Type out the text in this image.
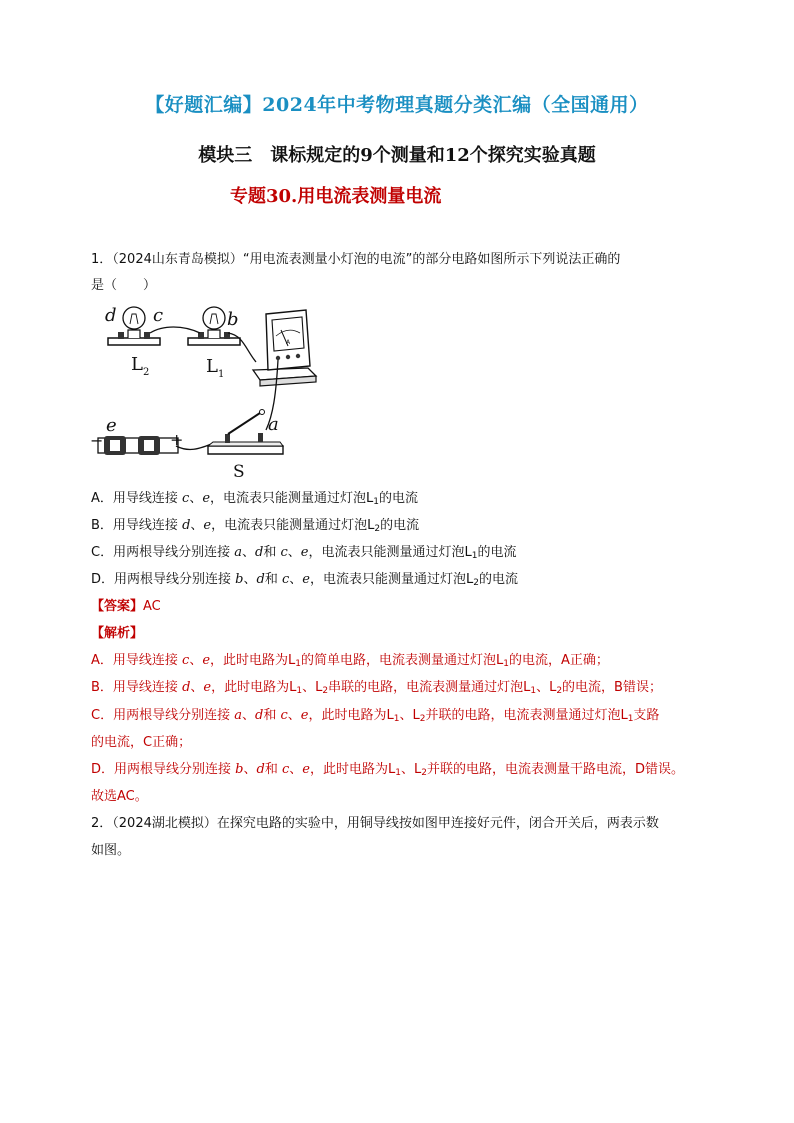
【好题汇编】2024年中考物理真题分类汇编（全国通用）
模块三　课标规定的9个测量和12个探究实验真题
专题30.用电流表测量电流
1．（2024山东青岛模拟）“用电流表测量小灯泡的电流”的部分电路如图所示下列说法正确的
是（　　）
A
d c	b
a
e
−	+
S
L 2	L 1
A．用导线连接 c、e，电流表只能测量通过灯泡$L_1$的电流
B．用导线连接 d、e，电流表只能测量通过灯泡$L_2$的电流
C．用两根导线分别连接 a、d和 c、e，电流表只能测量通过灯泡$L_1$的电流
D．用两根导线分别连接 b、d和 c、e，电流表只能测量通过灯泡$L_2$的电流
【答案】AC
【解析】
A．用导线连接 c、e，此时电路为$L_1$的简单电路，电流表测量通过灯泡$L_1$的电流，A正确；
B．用导线连接 d、e，此时电路为$L_1$、$L_2$串联的电路，电流表测量通过灯泡$L_1$、$L_2$的电流，B错误；
C．用两根导线分别连接 a、d和 c、e，此时电路为$L_1$、$L_2$并联的电路，电流表测量通过灯泡$L_1$支路
的电流，C正确；
D．用两根导线分别连接 b、d和 c、e，此时电路为$L_1$、$L_2$并联的电路，电流表测量干路电流，D错误。
故选AC。
2．（2024湖北模拟）在探究电路的实验中，用铜导线按如图甲连接好元件，闭合开关后，两表示数
如图。
